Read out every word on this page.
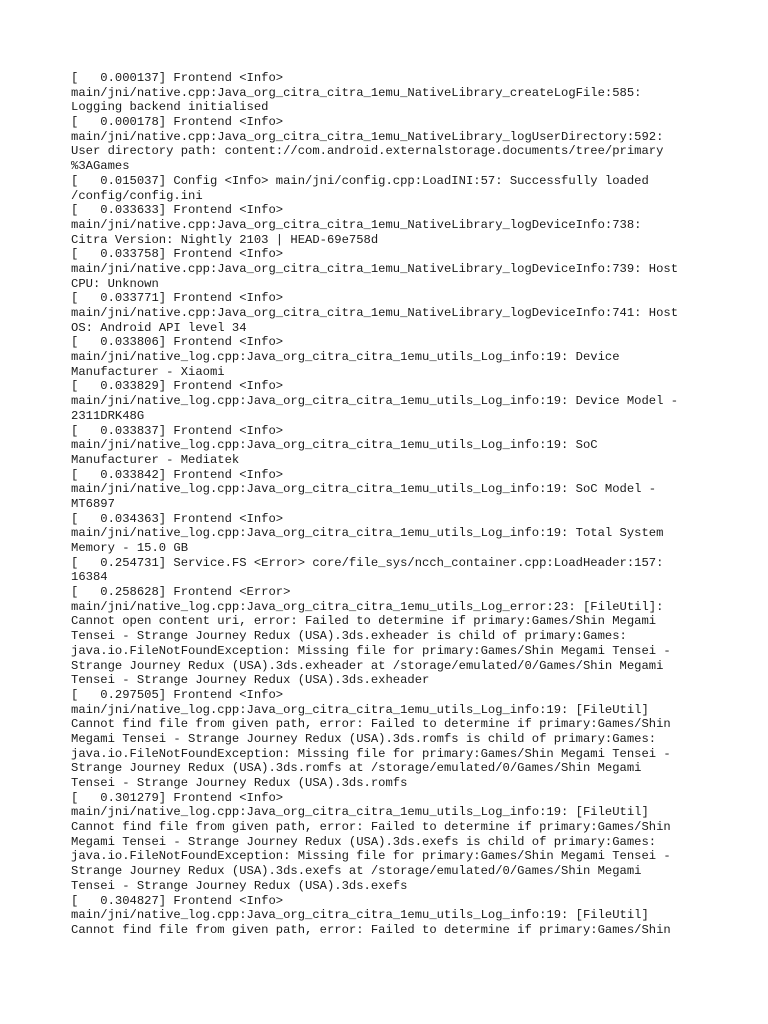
[   0.000137] Frontend <Info>
main/jni/native.cpp:Java_org_citra_citra_1emu_NativeLibrary_createLogFile:585:
Logging backend initialised
[   0.000178] Frontend <Info>
main/jni/native.cpp:Java_org_citra_citra_1emu_NativeLibrary_logUserDirectory:592:
User directory path: content://com.android.externalstorage.documents/tree/primary
%3AGames
[   0.015037] Config <Info> main/jni/config.cpp:LoadINI:57: Successfully loaded
/config/config.ini
[   0.033633] Frontend <Info>
main/jni/native.cpp:Java_org_citra_citra_1emu_NativeLibrary_logDeviceInfo:738:
Citra Version: Nightly 2103 | HEAD-69e758d
[   0.033758] Frontend <Info>
main/jni/native.cpp:Java_org_citra_citra_1emu_NativeLibrary_logDeviceInfo:739: Host
CPU: Unknown
[   0.033771] Frontend <Info>
main/jni/native.cpp:Java_org_citra_citra_1emu_NativeLibrary_logDeviceInfo:741: Host
OS: Android API level 34
[   0.033806] Frontend <Info>
main/jni/native_log.cpp:Java_org_citra_citra_1emu_utils_Log_info:19: Device
Manufacturer - Xiaomi
[   0.033829] Frontend <Info>
main/jni/native_log.cpp:Java_org_citra_citra_1emu_utils_Log_info:19: Device Model -
2311DRK48G
[   0.033837] Frontend <Info>
main/jni/native_log.cpp:Java_org_citra_citra_1emu_utils_Log_info:19: SoC
Manufacturer - Mediatek
[   0.033842] Frontend <Info>
main/jni/native_log.cpp:Java_org_citra_citra_1emu_utils_Log_info:19: SoC Model -
MT6897
[   0.034363] Frontend <Info>
main/jni/native_log.cpp:Java_org_citra_citra_1emu_utils_Log_info:19: Total System
Memory - 15.0 GB
[   0.254731] Service.FS <Error> core/file_sys/ncch_container.cpp:LoadHeader:157:
16384
[   0.258628] Frontend <Error>
main/jni/native_log.cpp:Java_org_citra_citra_1emu_utils_Log_error:23: [FileUtil]:
Cannot open content uri, error: Failed to determine if primary:Games/Shin Megami
Tensei - Strange Journey Redux (USA).3ds.exheader is child of primary:Games:
java.io.FileNotFoundException: Missing file for primary:Games/Shin Megami Tensei -
Strange Journey Redux (USA).3ds.exheader at /storage/emulated/0/Games/Shin Megami
Tensei - Strange Journey Redux (USA).3ds.exheader
[   0.297505] Frontend <Info>
main/jni/native_log.cpp:Java_org_citra_citra_1emu_utils_Log_info:19: [FileUtil]
Cannot find file from given path, error: Failed to determine if primary:Games/Shin
Megami Tensei - Strange Journey Redux (USA).3ds.romfs is child of primary:Games:
java.io.FileNotFoundException: Missing file for primary:Games/Shin Megami Tensei -
Strange Journey Redux (USA).3ds.romfs at /storage/emulated/0/Games/Shin Megami
Tensei - Strange Journey Redux (USA).3ds.romfs
[   0.301279] Frontend <Info>
main/jni/native_log.cpp:Java_org_citra_citra_1emu_utils_Log_info:19: [FileUtil]
Cannot find file from given path, error: Failed to determine if primary:Games/Shin
Megami Tensei - Strange Journey Redux (USA).3ds.exefs is child of primary:Games:
java.io.FileNotFoundException: Missing file for primary:Games/Shin Megami Tensei -
Strange Journey Redux (USA).3ds.exefs at /storage/emulated/0/Games/Shin Megami
Tensei - Strange Journey Redux (USA).3ds.exefs
[   0.304827] Frontend <Info>
main/jni/native_log.cpp:Java_org_citra_citra_1emu_utils_Log_info:19: [FileUtil]
Cannot find file from given path, error: Failed to determine if primary:Games/Shin
